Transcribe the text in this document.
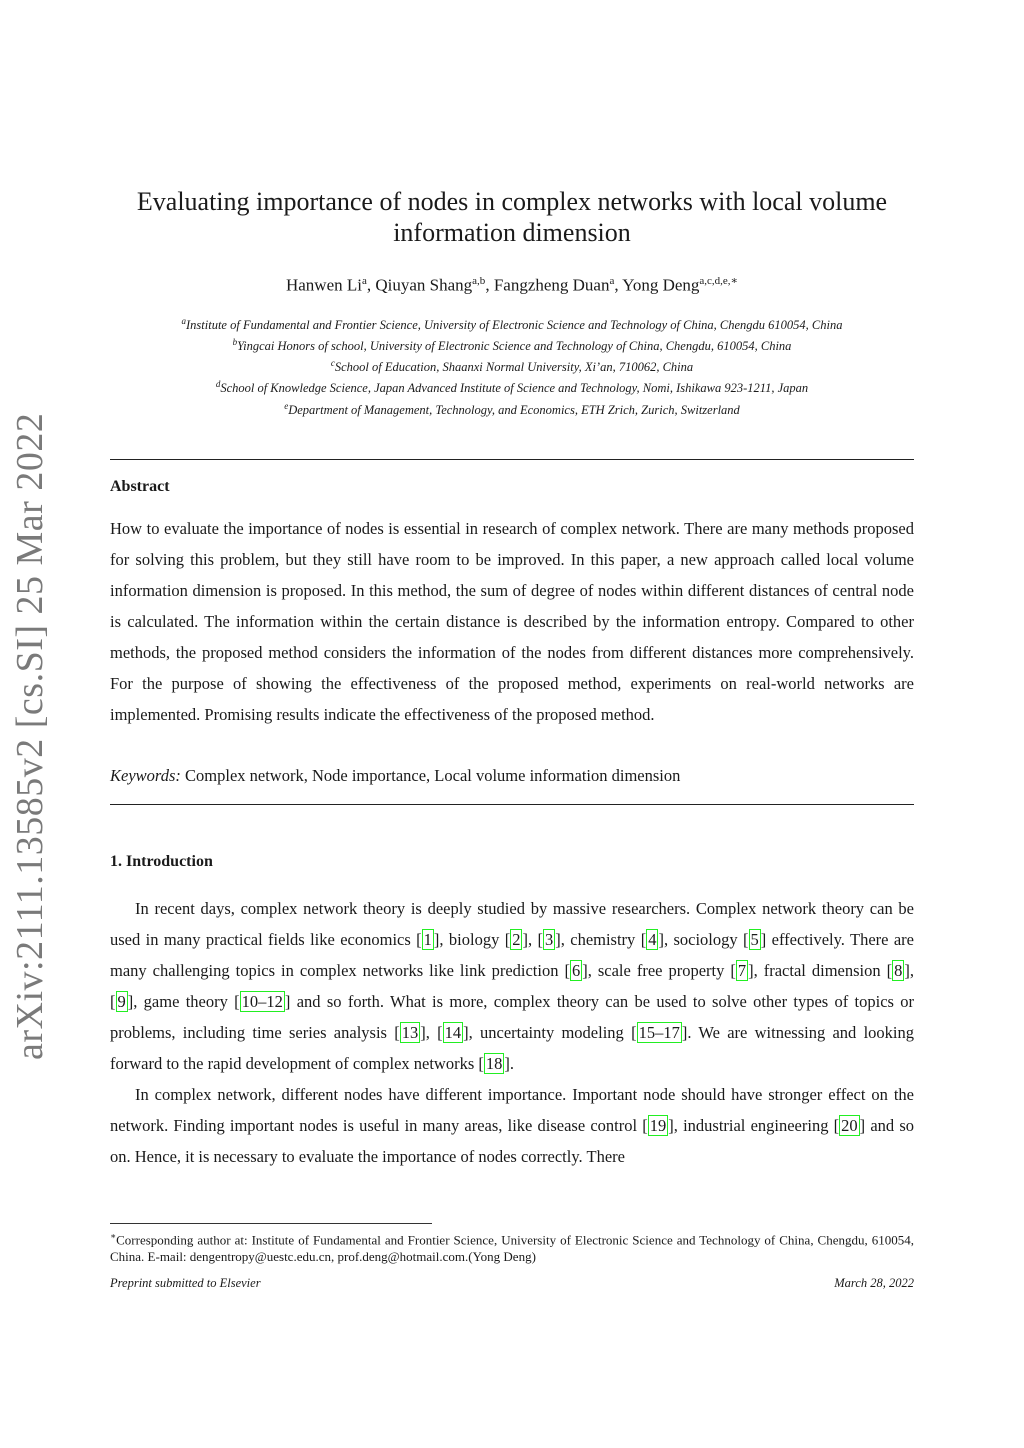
arXiv:2111.13585v2 [cs.SI] 25 Mar 2022
Evaluating importance of nodes in complex networks with local volume information dimension
Hanwen Li$^a$, Qiuyan Shang$^{a,b}$, Fangzheng Duan$^a$, Yong Deng$^{a,c,d,e,∗}$
$^a$Institute of Fundamental and Frontier Science, University of Electronic Science and Technology of China, Chengdu 610054, China
$^b$Yingcai Honors of school, University of Electronic Science and Technology of China, Chengdu, 610054, China
$^c$School of Education, Shaanxi Normal University, Xi’an, 710062, China
$^d$School of Knowledge Science, Japan Advanced Institute of Science and Technology, Nomi, Ishikawa 923-1211, Japan
$^e$Department of Management, Technology, and Economics, ETH Zrich, Zurich, Switzerland
Abstract
How to evaluate the importance of nodes is essential in research of complex network. There are many methods proposed for solving this problem, but they still have room to be improved. In this paper, a new approach called local volume information dimension is proposed. In this method, the sum of degree of nodes within different distances of central node is calculated. The information within the certain distance is described by the information entropy. Compared to other methods, the proposed method considers the information of the nodes from different distances more comprehensively. For the purpose of showing the effectiveness of the proposed method, experiments on real-world networks are implemented. Promising results indicate the effectiveness of the proposed method.
Keywords: Complex network, Node importance, Local volume information dimension
1. Introduction

In recent days, complex network theory is deeply studied by massive researchers. Complex network theory can be used in many practical fields like economics [ 1 ], biology [ 2 ], [ 3 ], chemistry [ 4 ], sociology [ 5 ] effectively. There are many challenging topics in complex networks like link prediction [ 6 ], scale free property [ 7 ], fractal dimension [ 8 ], [ 9 ], game theory [ 10–12 ] and so forth. What is more, complex theory can be used to solve other types of topics or problems, including time series analysis [ 13 ], [ 14 ], uncertainty modeling [ 15–17 ]. We are witnessing and looking forward to the rapid development of complex networks [ 18 ].

In complex network, different nodes have different importance. Important node should have stronger effect on the network. Finding important nodes is useful in many areas, like disease control [ 19 ], industrial engineering [ 20 ] and so on. Hence, it is necessary to evaluate the importance of nodes correctly. There

∗Corresponding author at: Institute of Fundamental and Frontier Science, University of Electronic Science and Technology of China, Chengdu, 610054, China. E-mail: dengentropy@uestc.edu.cn, prof.deng@hotmail.com.(Yong Deng)
Preprint submitted to Elsevier	March 28, 2022
